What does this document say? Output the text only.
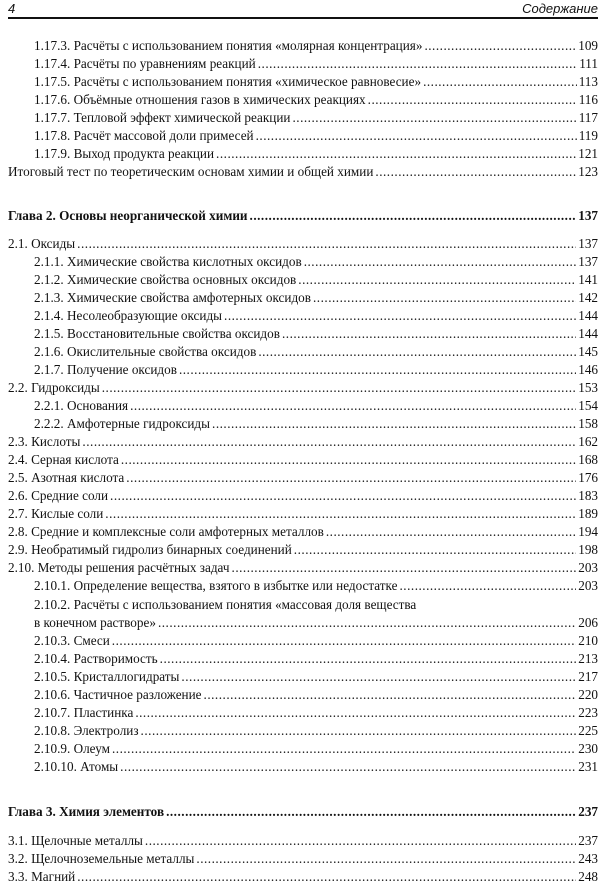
4	Содержание
1.17.3. Расчёты с использованием понятия «молярная концентрация» .....	109
1.17.4. Расчёты по уравнениям реакций .....	111
1.17.5. Расчёты с использованием понятия «химическое равновесие» .....	113
1.17.6. Объёмные отношения газов в химических реакциях .....	116
1.17.7. Тепловой эффект химической реакции .....	117
1.17.8. Расчёт массовой доли примесей .....	119
1.17.9. Выход продукта реакции .....	121
Итоговый тест по теоретическим основам химии и общей химии .....	123
Глава 2. Основы неорганической химии .....	137
2.1. Оксиды .....	137
2.1.1. Химические свойства кислотных оксидов .....	137
2.1.2. Химические свойства основных оксидов .....	141
2.1.3. Химические свойства амфотерных оксидов .....	142
2.1.4. Несолеобразующие оксиды .....	144
2.1.5. Восстановительные свойства оксидов .....	144
2.1.6. Окислительные свойства оксидов .....	145
2.1.7. Получение оксидов .....	146
2.2. Гидроксиды .....	153
2.2.1. Основания .....	154
2.2.2. Амфотерные гидроксиды .....	158
2.3. Кислоты .....	162
2.4. Серная кислота .....	168
2.5. Азотная кислота .....	176
2.6. Средние соли .....	183
2.7. Кислые соли .....	189
2.8. Средние и комплексные соли амфотерных металлов .....	194
2.9. Необратимый гидролиз бинарных соединений .....	198
2.10. Методы решения расчётных задач .....	203
2.10.1. Определение вещества, взятого в избытке или недостатке .....	203
2.10.2. Расчёты с использованием понятия «массовая доля вещества
в конечном растворе» .....	206
2.10.3. Смеси .....	210
2.10.4. Растворимость .....	213
2.10.5. Кристаллогидраты .....	217
2.10.6. Частичное разложение .....	220
2.10.7. Пластинка .....	223
2.10.8. Электролиз .....	225
2.10.9. Олеум .....	230
2.10.10. Атомы .....	231
Глава 3. Химия элементов .....	237
3.1. Щелочные металлы .....	237
3.2. Щелочноземельные металлы .....	243
3.3. Магний .....	248
